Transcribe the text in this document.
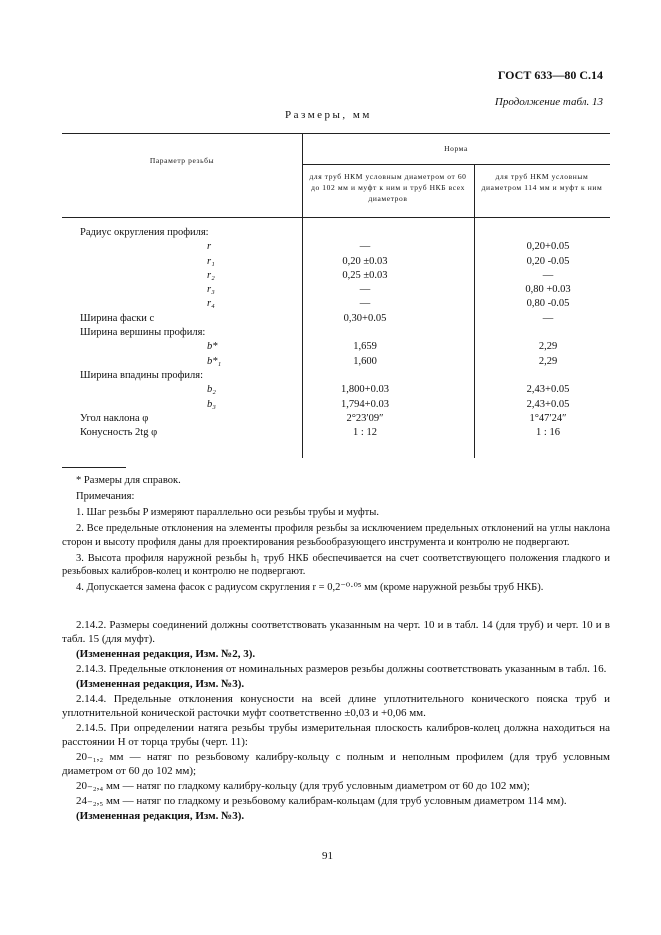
ГОСТ 633—80 С.14
Продолжение табл. 13
Размеры, мм
Параметр резьбы
Норма
для труб НКМ условным диаметром от 60 до 102 мм и муфт к ним и труб НКБ всех диаметров
для труб НКМ условным диаметром 114 мм и муфт к ним
Радиус округления профиля:
r	—	0,20+0.05
r₁	0,20 ±0.03	0,20 -0.05
r₂	0,25 ±0.03	—
r₃	—	0,80 +0.03
r₄	—	0,80 -0.05
Ширина фаски c	0,30+0.05	—
Ширина вершины профиля:
b*	1,659	2,29
b*₁	1,600	2,29
Ширина впадины профиля:
b₂	1,800+0.03	2,43+0.05
b₃	1,794+0.03	2,43+0.05
Угол наклона φ	2°23′09″	1°47′24″
Конусность 2tg φ	1 : 12	1 : 16

* Размеры для справок.

Примечания:

1. Шаг резьбы P измеряют параллельно оси резьбы трубы и муфты.

2. Все предельные отклонения на элементы профиля резьбы за исключением предельных отклонений на углы наклона сторон и высоту профиля даны для проектирования резьбообразующего инструмента и контролю не подвергают.

3. Высота профиля наружной резьбы h₁ труб НКБ обеспечивается на счет соответствующего положения гладкого и резьбовых калибров-колец и контролю не подвергают.

4. Допускается замена фасок c радиусом скругления r = 0,2⁻⁰·⁰⁵ мм (кроме наружной резьбы труб НКБ).

2.14.2. Размеры соединений должны соответствовать указанным на черт. 10 и в табл. 14 (для труб) и черт. 10 и в табл. 15 (для муфт).

(Измененная редакция, Изм. №2, 3).

2.14.3. Предельные отклонения от номинальных размеров резьбы должны соответствовать указанным в табл. 16.

(Измененная редакция, Изм. №3).

2.14.4. Предельные отклонения конусности на всей длине уплотнительного конического пояска труб и уплотнительной конической расточки муфт соответственно ±0,03 и +0,06 мм.

2.14.5. При определении натяга резьбы трубы измерительная плоскость калибров-колец должна находиться на расстоянии H от торца трубы (черт. 11):

20₋₁,₂ мм — натяг по резьбовому калибру-кольцу с полным и неполным профилем (для труб условным диаметром от 60 до 102 мм);

20₋₂,₄ мм — натяг по гладкому калибру-кольцу (для труб условным диаметром от 60 до 102 мм);

24₋₂,₅ мм — натяг по гладкому и резьбовому калибрам-кольцам (для труб условным диаметром 114 мм).

(Измененная редакция, Изм. №3).

91
